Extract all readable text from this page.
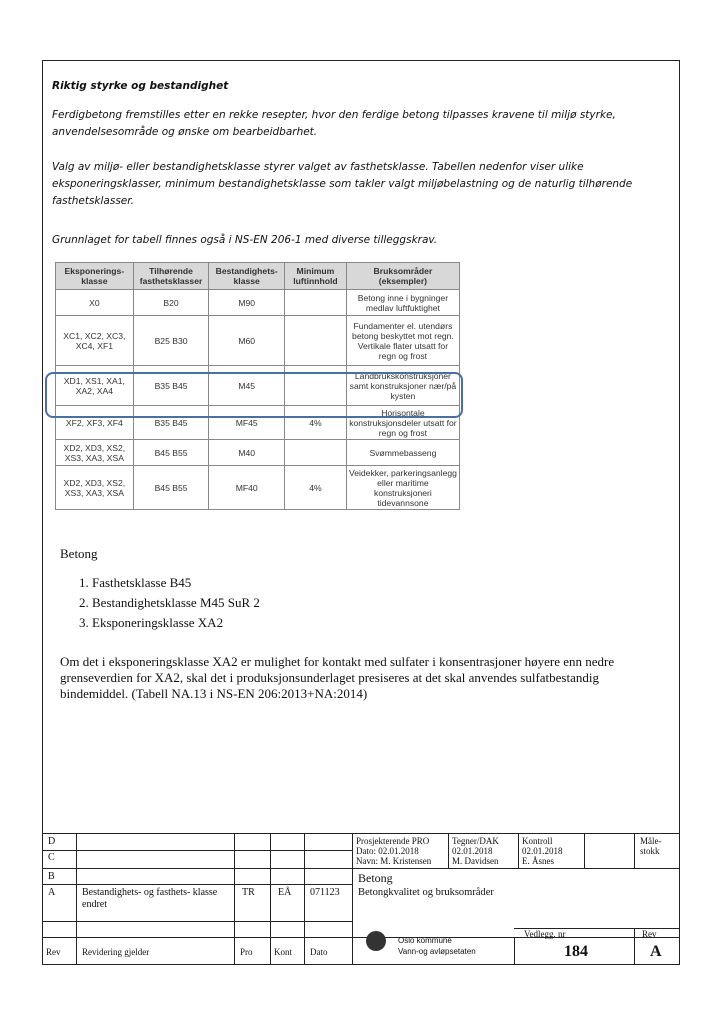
Riktig styrke og bestandighet
Ferdigbetong fremstilles etter en rekke resepter, hvor den ferdige betong tilpasses kravene til miljø styrke, anvendelsesområde og ønske om bearbeidbarhet.
Valg av miljø- eller bestandighetsklasse styrer valget av fasthetsklasse. Tabellen nedenfor viser ulike eksponeringsklasser, minimum bestandighetsklasse som takler valgt miljøbelastning og de naturlig tilhørende fasthetsklasser.
Grunnlaget for tabell finnes også i NS-EN 206-1 med diverse tilleggskrav.
Eksponerings-klasse	Tilhørende fasthetsklasser	Bestandighets-klasse	Minimum luftinnhold	Bruksområder (eksempler)
X0	B20	M90		Betong inne i bygninger medlav luftfuktighet
XC1, XC2, XC3, XC4, XF1	B25 B30	M60		Fundamenter el. utendørs betong beskyttet mot regn. Vertikale flater utsatt for regn og frost
XD1, XS1, XA1, XA2, XA4	B35 B45	M45		Landbrukskonstruksjoner samt konstruksjoner nær/på kysten
XF2, XF3, XF4	B35 B45	MF45	4%	Horisontale konstruksjonsdeler utsatt for regn og frost
XD2, XD3, XS2, XS3, XA3, XSA	B45 B55	M40		Svømmebasseng
XD2, XD3, XS2, XS3, XA3, XSA	B45 B55	MF40	4%	Veidekker, parkeringsanlegg eller maritime konstruksjoneri tidevannsone
Betong
1. Fasthetsklasse B45
2. Bestandighetsklasse M45 SuR 2
3. Eksponeringsklasse XA2
Om det i eksponeringsklasse XA2 er mulighet for kontakt med sulfater i konsentrasjoner høyere enn nedre grenseverdien for XA2, skal det i produksjonsunderlaget presiseres at det skal anvendes sulfatbestandig bindemiddel. (Tabell NA.13 i NS-EN 206:2013+NA:2014)
D
C
B
A	Bestandighets- og fasthets- klasse endret
TR EÅ 071123
Rev Revidering gjelder	Pro Kont Dato
Prosjekterende PRO
Dato: 02.01.2018
Navn: M. Kristensen
Tegner/DAK
02.01.2018
M. Davidsen
Kontroll
02.01.2018
E. Åsnes
Måle- stokk
Betong
Betongkvalitet og bruksområder
Oslo kommune
Vann-og avløpsetaten
Vedlegg. nr
184
Rev
A
